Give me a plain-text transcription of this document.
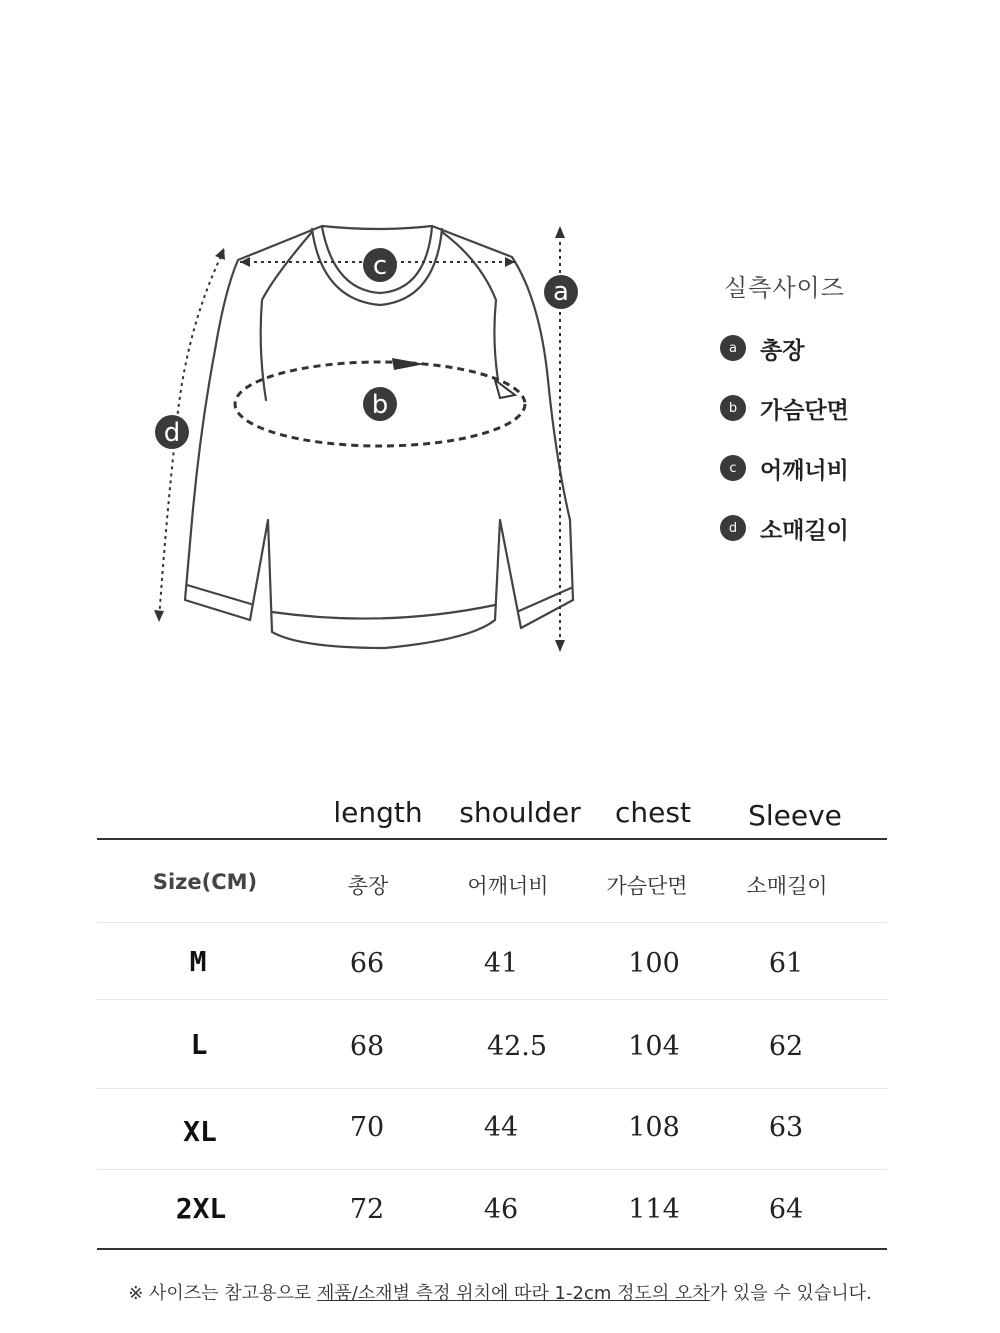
c
a
b
d
실측사이즈
a	총장
b 가슴단면
c	어깨너비
d 소매길이
length shoulder chest Sleeve
Size(CM)	총장	어깨너비	가슴단면	소매길이
M	66	41	100	61
L	68	42.5	104	62
XL	70	44	108	63
2XL	72	46	114	64
※ 사이즈는 참고용으로 제품/소재별 측정 위치에 따라 1-2cm 정도의 오차가 있을 수 있습니다.
